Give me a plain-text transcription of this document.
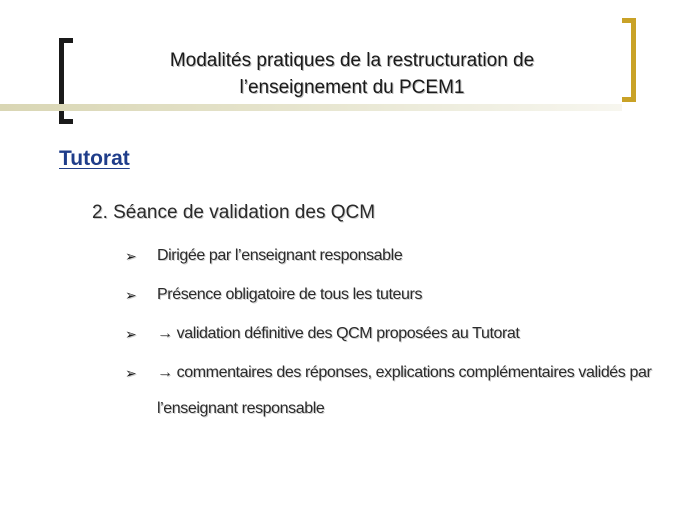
Modalités pratiques de la restructuration de
l’enseignement du PCEM1
Tutorat
2. Séance de validation des QCM
➢ Dirigée par l’enseignant responsable
➢ Présence obligatoire de tous les tuteurs
➢ → validation définitive des QCM proposées au Tutorat
➢ → commentaires des réponses, explications complémentaires validés par l’enseignant responsable
